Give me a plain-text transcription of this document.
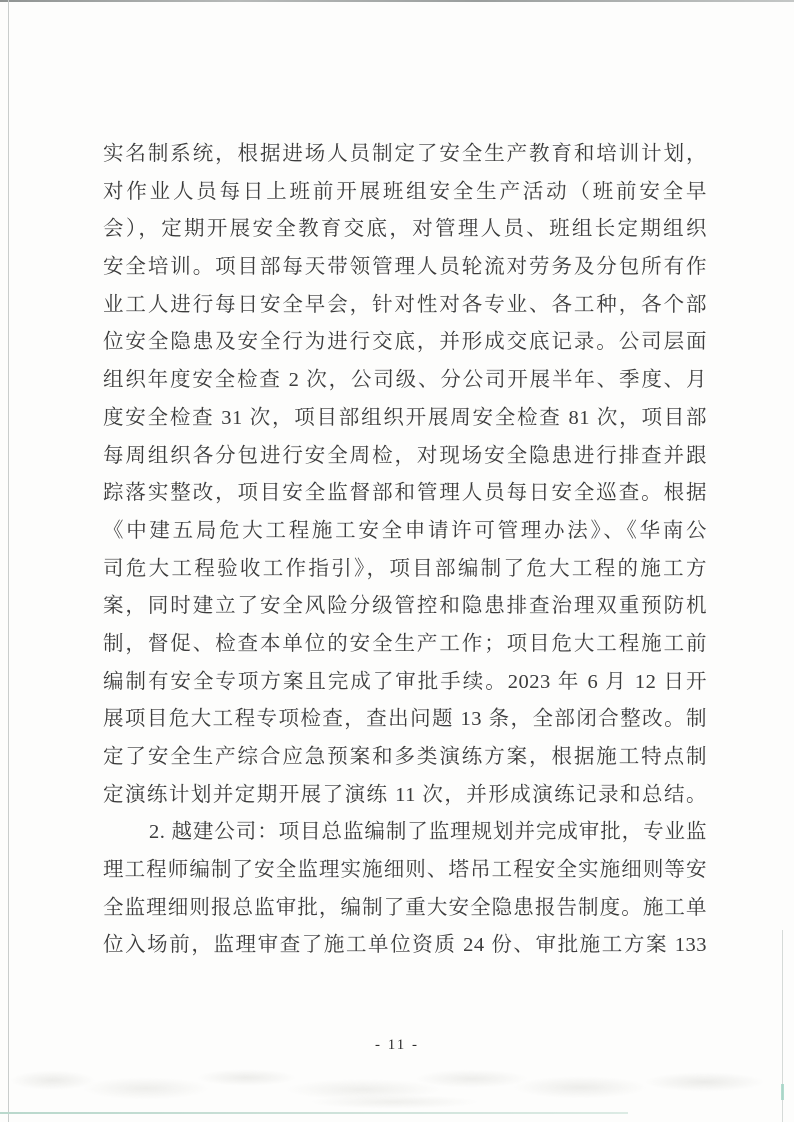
实名制系统，根据进场人员制定了安全生产教育和培训计划，

对作业人员每日上班前开展班组安全生产活动（班前安全早

会），定期开展安全教育交底，对管理人员、班组长定期组织

安全培训。项目部每天带领管理人员轮流对劳务及分包所有作

业工人进行每日安全早会，针对性对各专业、各工种，各个部

位安全隐患及安全行为进行交底，并形成交底记录。公司层面

组织年度安全检查 2 次，公司级、分公司开展半年、季度、月

度安全检查 31 次，项目部组织开展周安全检查 81 次，项目部

每周组织各分包进行安全周检，对现场安全隐患进行排查并跟

踪落实整改，项目安全监督部和管理人员每日安全巡查。根据

《中建五局危大工程施工安全申请许可管理办法》、《华南公

司危大工程验收工作指引》，项目部编制了危大工程的施工方

案，同时建立了安全风险分级管控和隐患排查治理双重预防机

制，督促、检查本单位的安全生产工作；项目危大工程施工前

编制有安全专项方案且完成了审批手续。2023 年 6 月 12 日开

展项目危大工程专项检查，查出问题 13 条，全部闭合整改。制

定了安全生产综合应急预案和多类演练方案，根据施工特点制

定演练计划并定期开展了演练 11 次，并形成演练记录和总结。

2. 越建公司：项目总监编制了监理规划并完成审批，专业监

理工程师编制了安全监理实施细则、塔吊工程安全实施细则等安

全监理细则报总监审批，编制了重大安全隐患报告制度。施工单

位入场前，监理审查了施工单位资质 24 份、审批施工方案 133

- 11 -
